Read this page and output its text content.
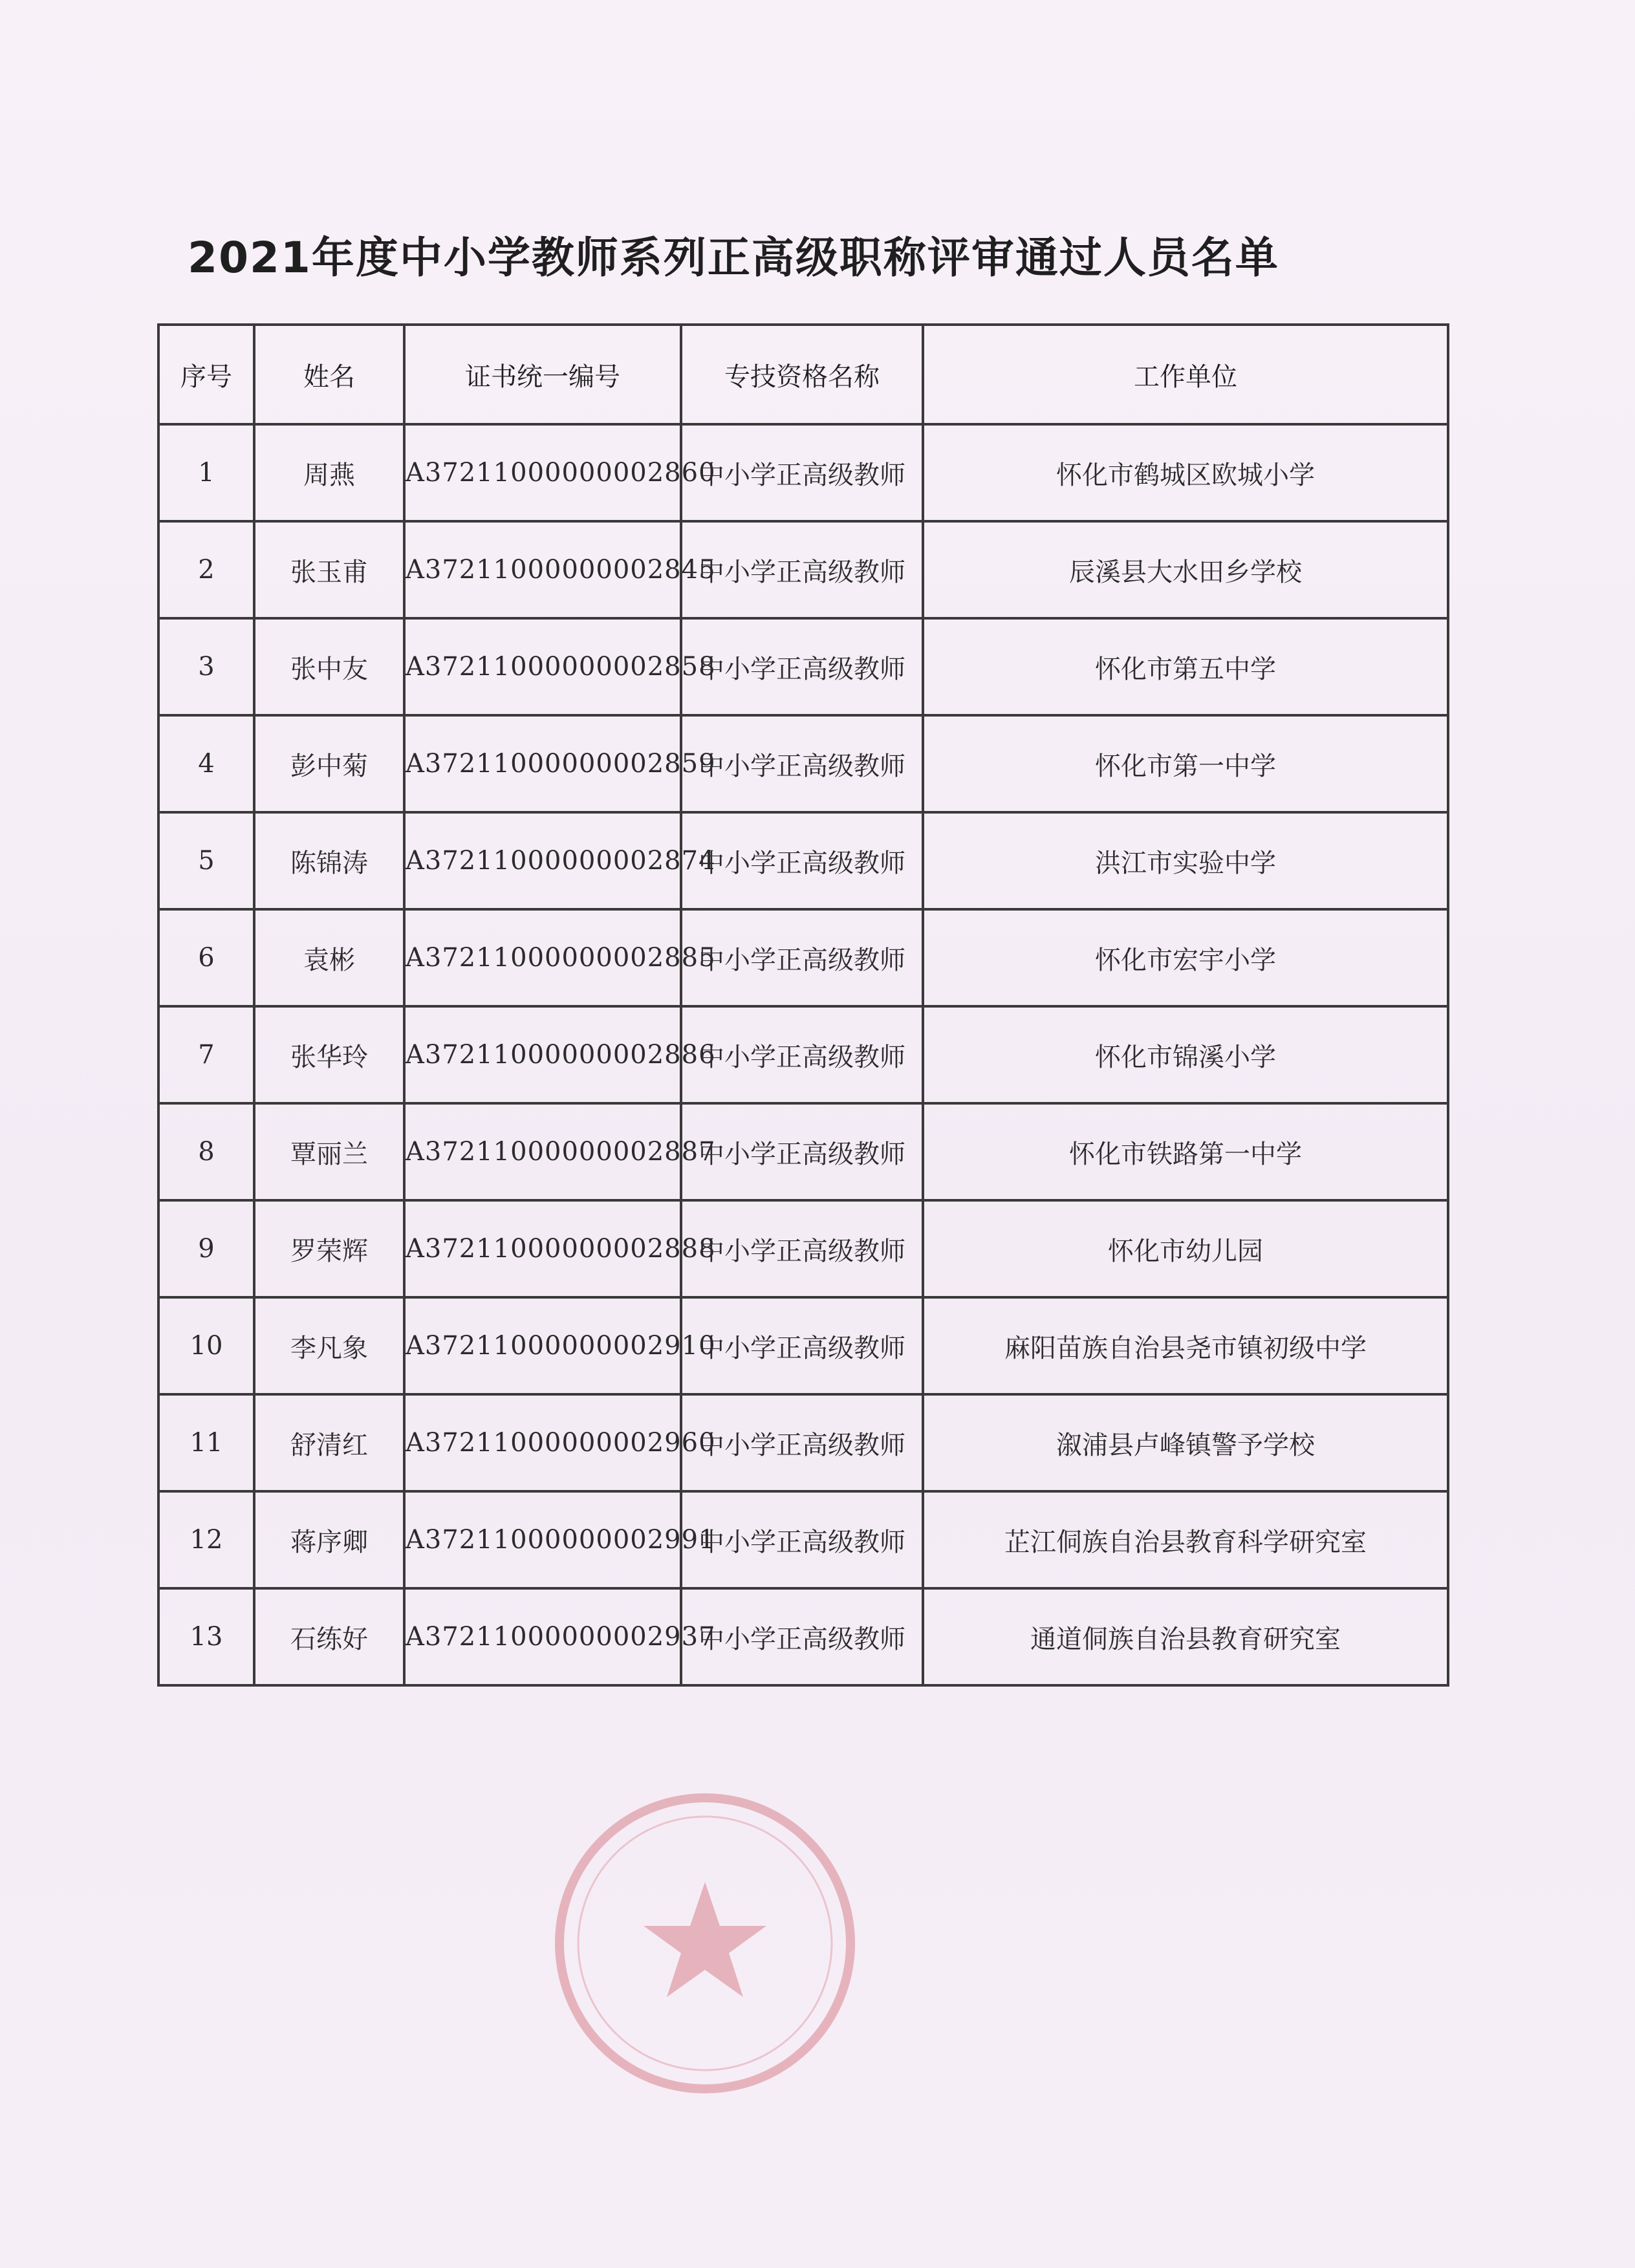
2021年度中小学教师系列正高级职称评审通过人员名单
序号	姓名	证书统一编号	专技资格名称	工作单位
1	周燕	A37211000000002860	中小学正高级教师	怀化市鹤城区欧城小学
2	张玉甫	A37211000000002845	中小学正高级教师	辰溪县大水田乡学校
3	张中友	A37211000000002858	中小学正高级教师	怀化市第五中学
4	彭中菊	A37211000000002859	中小学正高级教师	怀化市第一中学
5	陈锦涛	A37211000000002874	中小学正高级教师	洪江市实验中学
6	袁彬	A37211000000002885	中小学正高级教师	怀化市宏宇小学
7	张华玲	A37211000000002886	中小学正高级教师	怀化市锦溪小学
8	覃丽兰	A37211000000002887	中小学正高级教师	怀化市铁路第一中学
9	罗荣辉	A37211000000002888	中小学正高级教师	怀化市幼儿园
10	李凡象	A37211000000002910	中小学正高级教师	麻阳苗族自治县尧市镇初级中学
11	舒清红	A37211000000002960	中小学正高级教师	溆浦县卢峰镇警予学校
12	蒋序卿	A37211000000002991	中小学正高级教师	芷江侗族自治县教育科学研究室
13	石练好	A37211000000002937	中小学正高级教师	通道侗族自治县教育研究室
